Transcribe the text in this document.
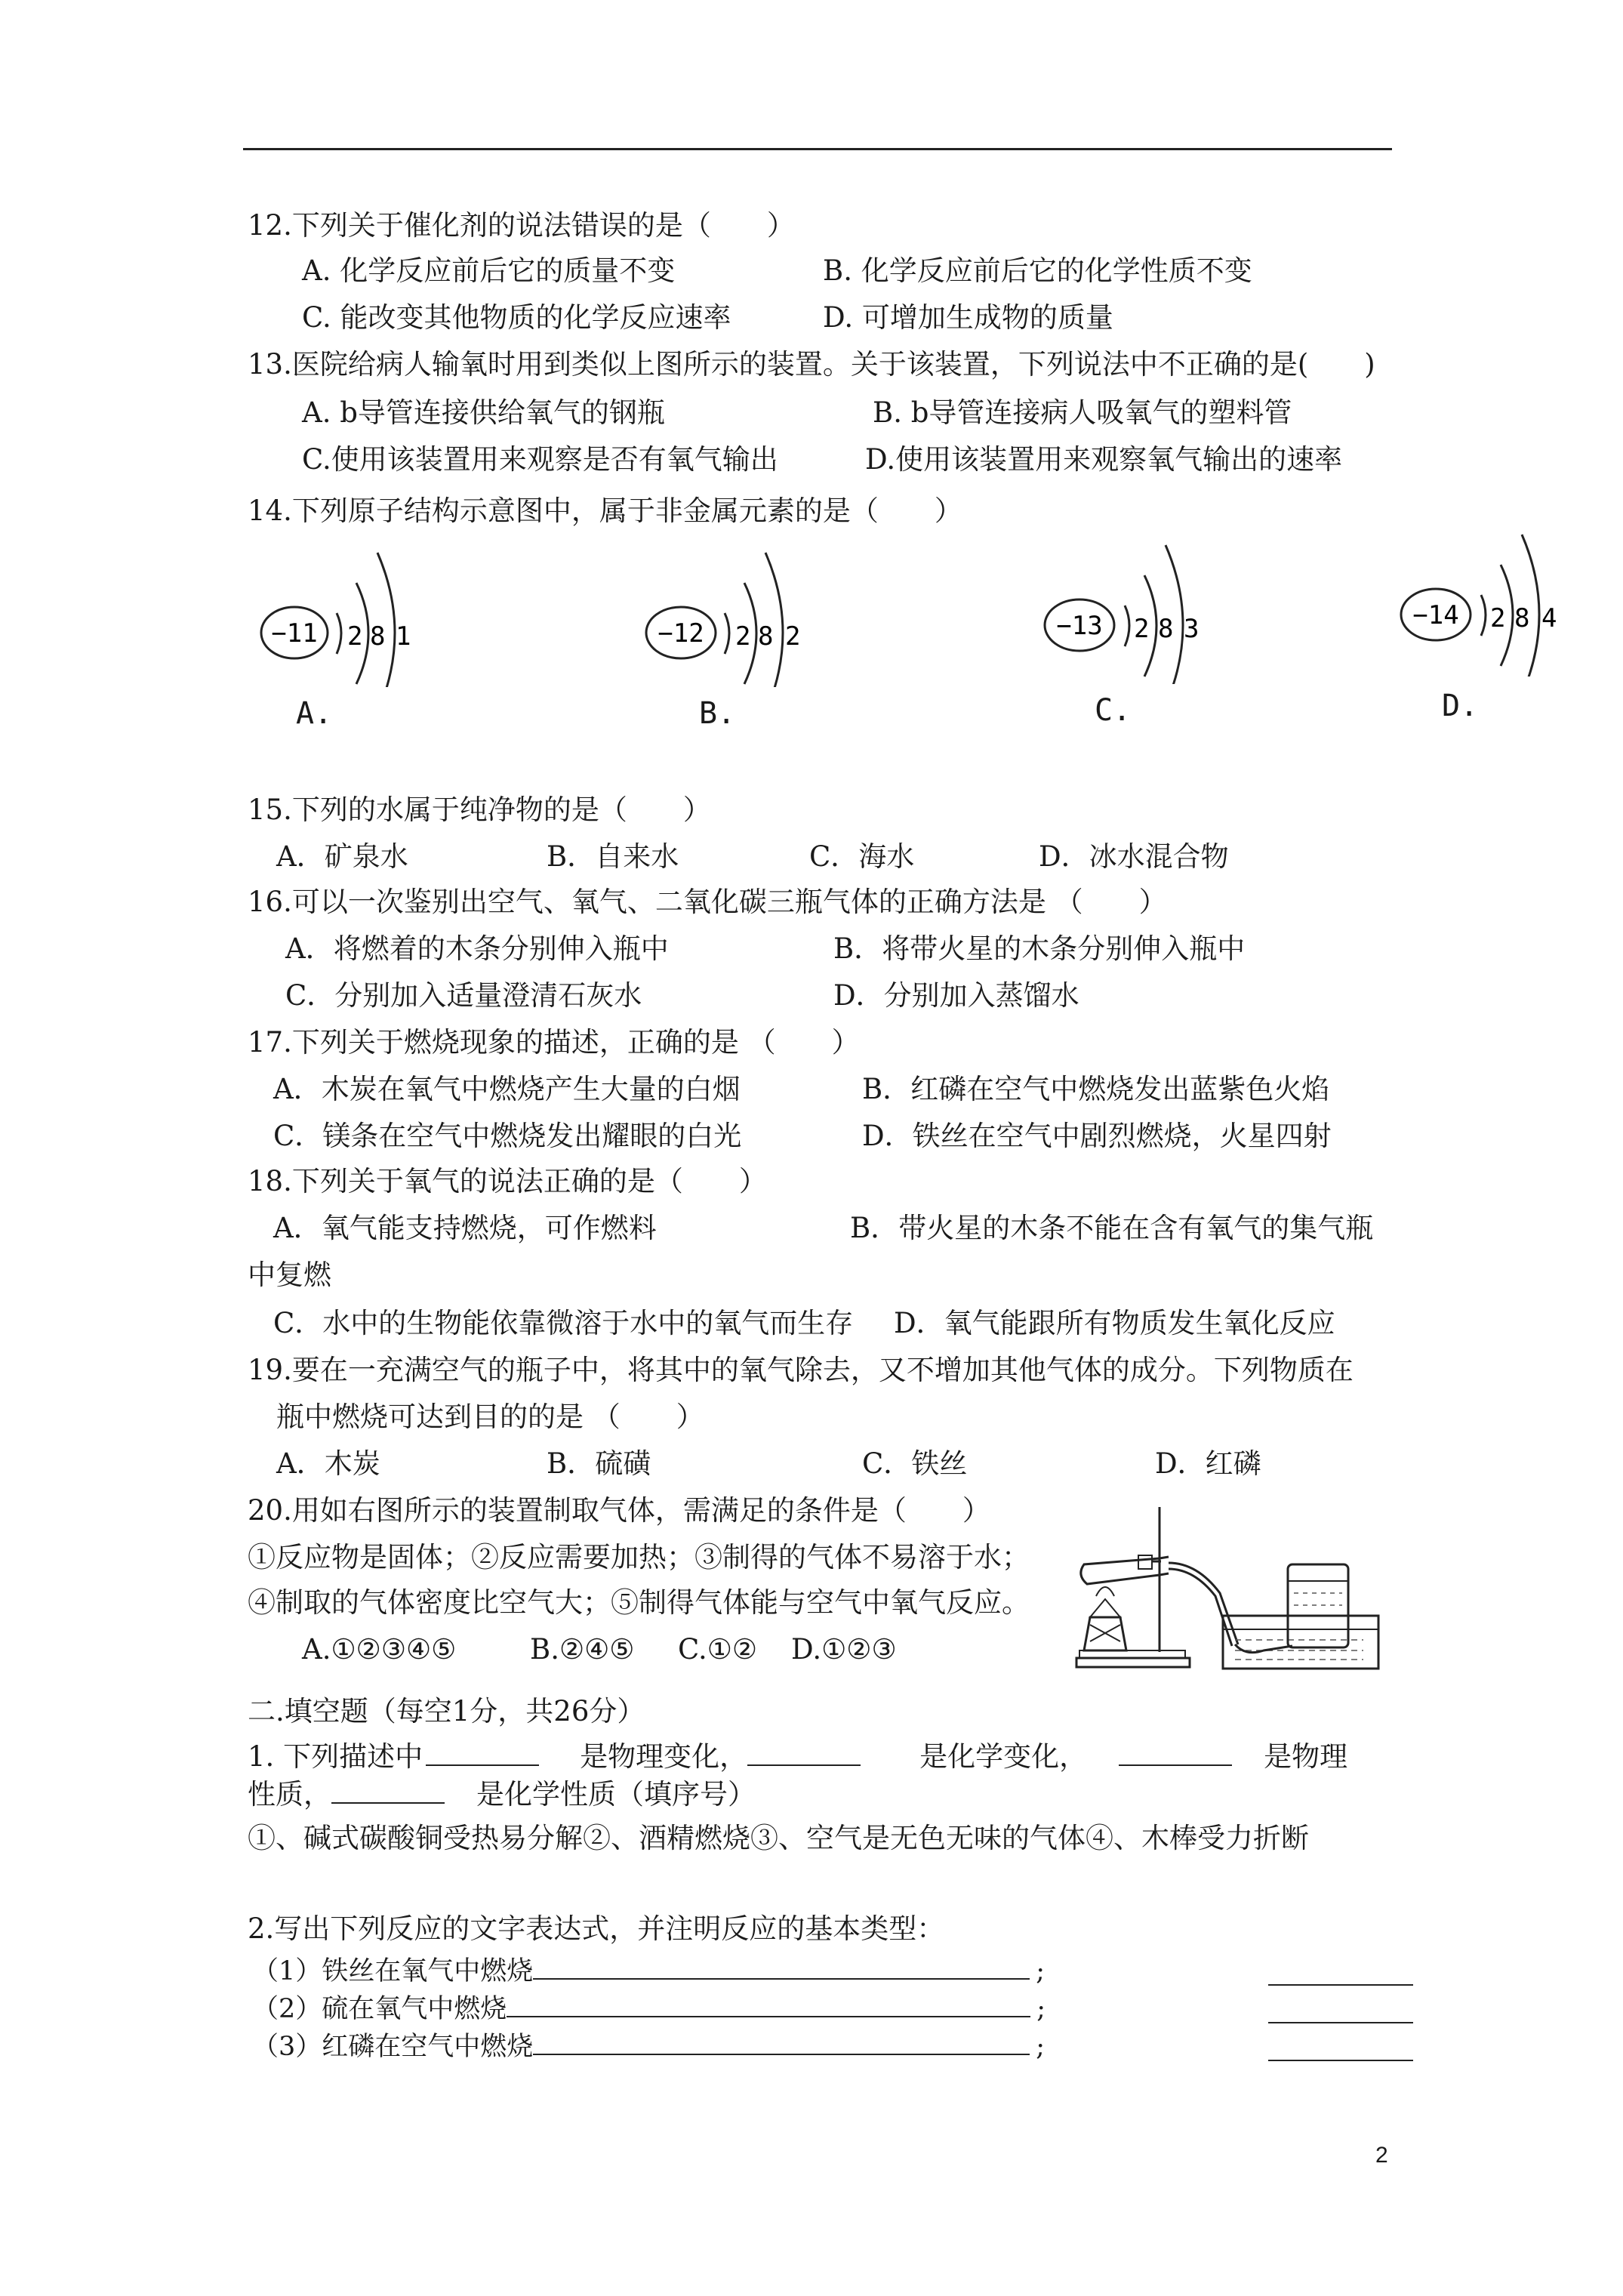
12.下列关于催化剂的说法错误的是（　　）
A. 化学反应前后它的质量不变	B. 化学反应前后它的化学性质不变
C. 能改变其他物质的化学反应速率	D. 可增加生成物的质量
13.医院给病人输氧时用到类似上图所示的装置。关于该装置，下列说法中不正确的是(　　)
A. b导管连接供给氧气的钢瓶	B. b导管连接病人吸氧气的塑料管
C.使用该装置用来观察是否有氧气输出	D.使用该装置用来观察氧气输出的速率
14.下列原子结构示意图中，属于非金属元素的是（　　）
−11 2 8 1
A.
−12 2 8 2
B.
−13 2 8 3
C.
−14 2 8 4
D.
15.下列的水属于纯净物的是（　　）
A．矿泉水	B．自来水	C．海水	D．冰水混合物
16.可以一次鉴别出空气、氧气、二氧化碳三瓶气体的正确方法是 （　　）
A．将燃着的木条分别伸入瓶中	B．将带火星的木条分别伸入瓶中
C．分别加入适量澄清石灰水	D．分别加入蒸馏水
17.下列关于燃烧现象的描述，正确的是 （　　）
A．木炭在氧气中燃烧产生大量的白烟	B．红磷在空气中燃烧发出蓝紫色火焰
C．镁条在空气中燃烧发出耀眼的白光	D．铁丝在空气中剧烈燃烧，火星四射
18.下列关于氧气的说法正确的是（　　）
A．氧气能支持燃烧，可作燃料	B．带火星的木条不能在含有氧气的集气瓶
中复燃
C．水中的生物能依靠微溶于水中的氧气而生存 D．氧气能跟所有物质发生氧化反应
19.要在一充满空气的瓶子中，将其中的氧气除去，又不增加其他气体的成分。下列物质在
瓶中燃烧可达到目的的是 （　　）
A．木炭	B．硫磺	C．铁丝	D．红磷
20.用如右图所示的装置制取气体，需满足的条件是（　　）
①反应物是固体；②反应需要加热；③制得的气体不易溶于水；
④制取的气体密度比空气大；⑤制得气体能与空气中氧气反应。
A.①②③④⑤	B.②④⑤ C.①② D.①②③
二.填空题（每空1分，共26分）
1. 下列描述中	是物理变化，	是化学变化，	是物理
性质，	是化学性质（填序号）
①、碱式碳酸铜受热易分解②、酒精燃烧③、空气是无色无味的气体④、木棒受力折断
2.写出下列反应的文字表达式，并注明反应的基本类型：
（1）铁丝在氧气中燃烧	;
（2）硫在氧气中燃烧	;
（3）红磷在空气中燃烧	;
2
